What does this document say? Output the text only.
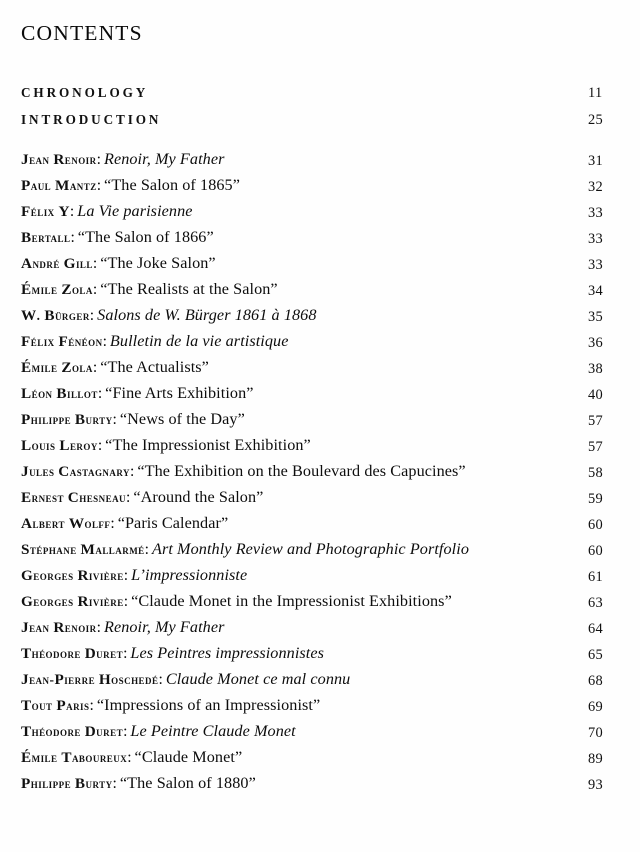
CONTENTS
CHRONOLOGY	11
INTRODUCTION	25
Jean Renoir: Renoir, My Father	31
Paul Mantz: “The Salon of 1865”	32
Félix Y: La Vie parisienne	33
Bertall: “The Salon of 1866”	33
André Gill: “The Joke Salon”	33
Émile Zola: “The Realists at the Salon”	34
W. Bürger: Salons de W. Bürger 1861 à 1868	35
Félix Fénéon: Bulletin de la vie artistique	36
Émile Zola: “The Actualists”	38
Léon Billot: “Fine Arts Exhibition”	40
Philippe Burty: “News of the Day”	57
Louis Leroy: “The Impressionist Exhibition”	57
Jules Castagnary: “The Exhibition on the Boulevard des Capucines”	58
Ernest Chesneau: “Around the Salon”	59
Albert Wolff: “Paris Calendar”	60
Stéphane Mallarmé: Art Monthly Review and Photographic Portfolio	60
Georges Rivière: L’impressionniste	61
Georges Rivière: “Claude Monet in the Impressionist Exhibitions”	63
Jean Renoir: Renoir, My Father	64
Théodore Duret: Les Peintres impressionnistes	65
Jean-Pierre Hoschedé: Claude Monet ce mal connu	68
Tout Paris: “Impressions of an Impressionist”	69
Théodore Duret: Le Peintre Claude Monet	70
Émile Taboureux: “Claude Monet”	89
Philippe Burty: “The Salon of 1880”	93
